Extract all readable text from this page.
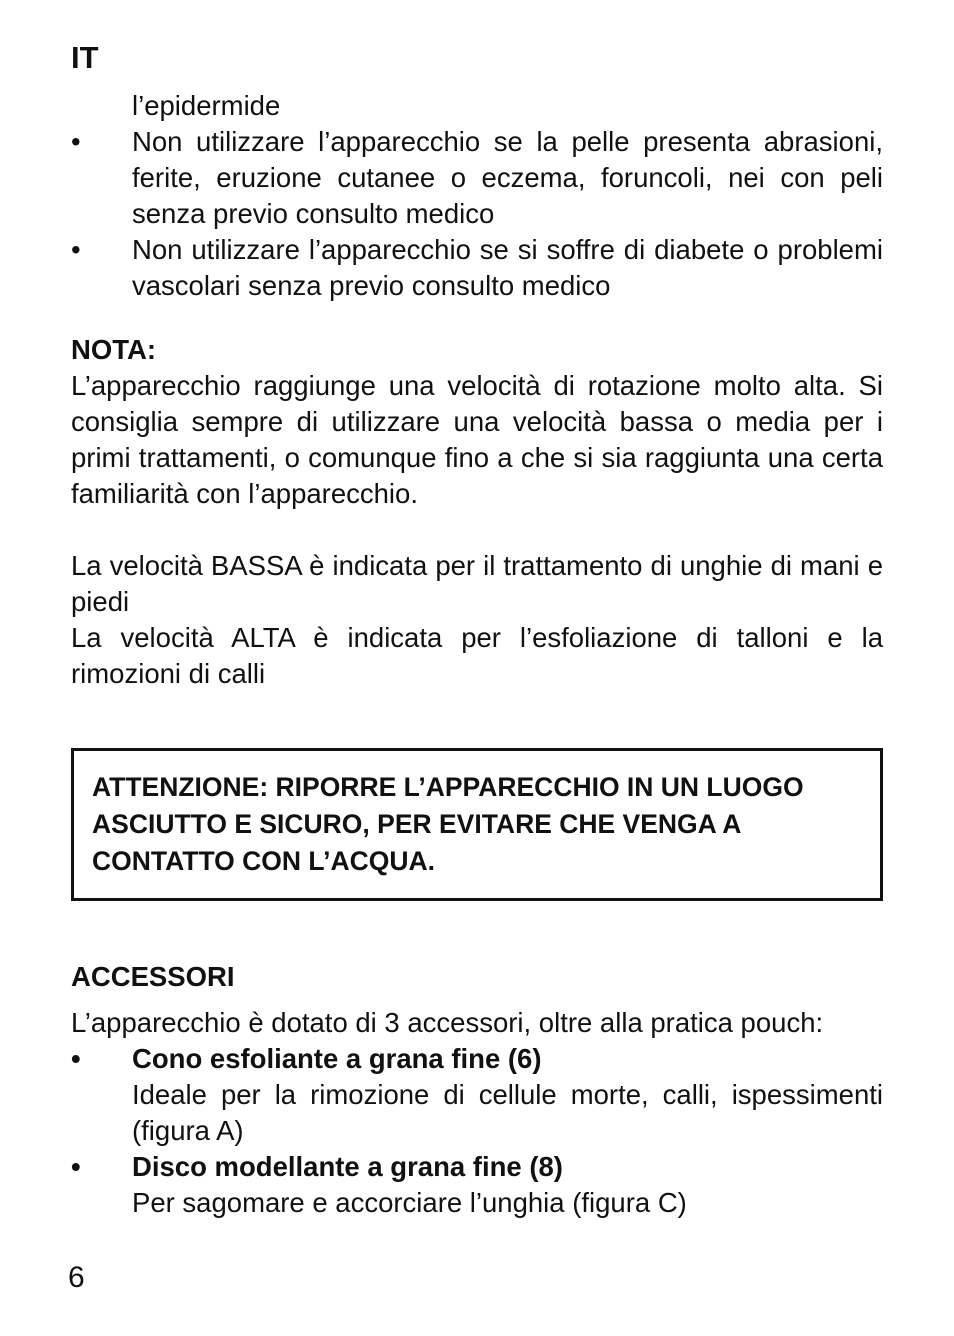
IT
l’epidermide
•	Non utilizzare l’apparecchio se la pelle presenta abrasioni, ferite, eruzione cutanee o eczema, foruncoli, nei con peli senza previo consulto medico
•	Non utilizzare l’apparecchio se si soffre di diabete o problemi vascolari senza previo consulto medico
NOTA:
L’apparecchio raggiunge una velocità di rotazione molto alta. Si consiglia sempre di utilizzare una velocità bassa o media per i primi trattamenti, o comunque fino a che si sia raggiunta una certa familiarità con l’apparecchio.
La velocità BASSA è indicata per il trattamento di unghie di mani e piedi
La velocità ALTA è indicata per l’esfoliazione di talloni e la rimozioni di calli
ATTENZIONE: RIPORRE L’APPARECCHIO IN UN LUOGO ASCIUTTO E SICURO, PER EVITARE CHE VENGA A CONTATTO CON L’ACQUA.
ACCESSORI
L’apparecchio è dotato di 3 accessori, oltre alla pratica pouch:
•	Cono esfoliante a grana fine (6)
Ideale per la rimozione di cellule morte, calli, ispessimenti (figura A)
•	Disco modellante a grana fine (8)
Per sagomare e accorciare l’unghia (figura C)
6
